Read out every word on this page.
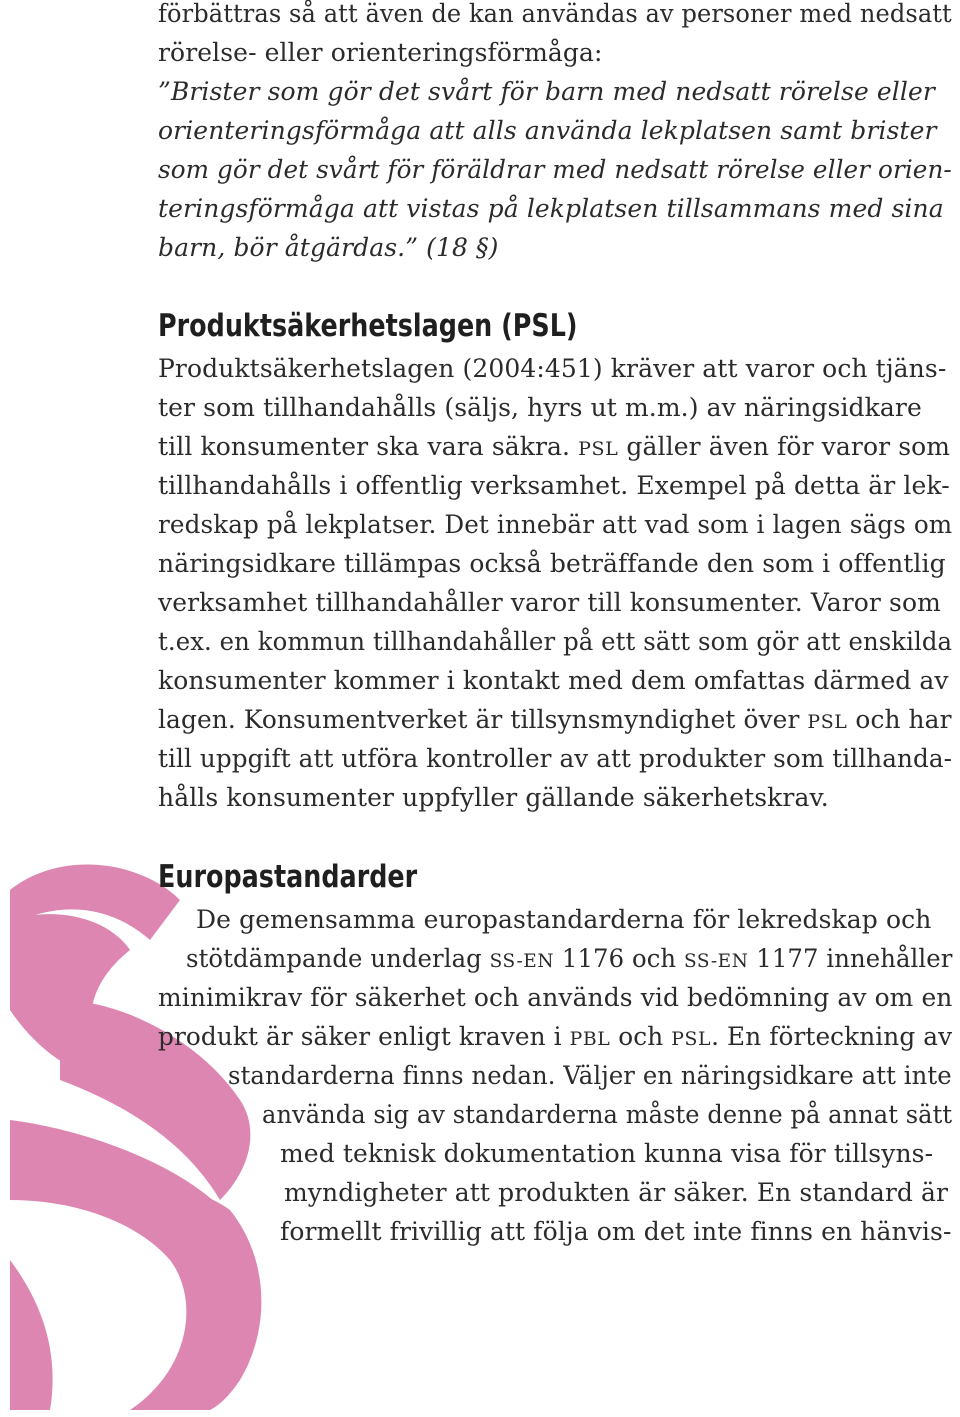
förbättras så att även de kan användas av personer med nedsatt
rörelse- eller orienteringsförmåga:
”Brister som gör det svårt för barn med nedsatt rörelse eller
orienteringsförmåga att alls använda lekplatsen samt brister
som gör det svårt för föräldrar med nedsatt rörelse eller orien-
teringsförmåga att vistas på lekplatsen tillsammans med sina
barn, bör åtgärdas.” (18 §)
Produktsäkerhetslagen (PSL)
Produktsäkerhetslagen (2004:451) kräver att varor och tjäns-
ter som tillhandahålls (säljs, hyrs ut m.m.) av näringsidkare
till konsumenter ska vara säkra. PSL gäller även för varor som
tillhandahålls i offentlig verksamhet. Exempel på detta är lek-
redskap på lekplatser. Det innebär att vad som i lagen sägs om
näringsidkare tillämpas också beträffande den som i offentlig
verksamhet tillhandahåller varor till konsumenter. Varor som
t.ex. en kommun tillhandahåller på ett sätt som gör att enskilda
konsumenter kommer i kontakt med dem omfattas därmed av
lagen. Konsumentverket är tillsynsmyndighet över PSL och har
till uppgift att utföra kontroller av att produkter som tillhanda-
hålls konsumenter uppfyller gällande säkerhetskrav.
Europastandarder
De gemensamma europastandarderna för lekredskap och
stötdämpande underlag SS-EN 1176 och SS-EN 1177 innehåller
minimikrav för säkerhet och används vid bedömning av om en
produkt är säker enligt kraven i PBL och PSL. En förteckning av
standarderna finns nedan. Väljer en näringsidkare att inte
använda sig av standarderna måste denne på annat sätt
med teknisk dokumentation kunna visa för tillsyns-
myndigheter att produkten är säker. En standard är
formellt frivillig att följa om det inte finns en hänvis-
